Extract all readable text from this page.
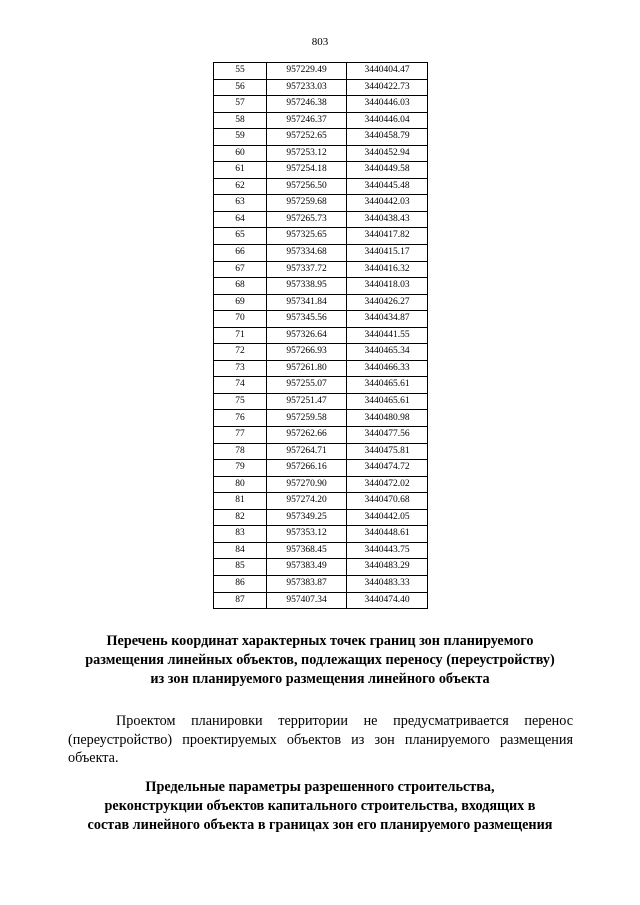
803
55	957229.49	3440404.47
56	957233.03	3440422.73
57	957246.38	3440446.03
58	957246.37	3440446.04
59	957252.65	3440458.79
60	957253.12	3440452.94
61	957254.18	3440449.58
62	957256.50	3440445.48
63	957259.68	3440442.03
64	957265.73	3440438.43
65	957325.65	3440417.82
66	957334.68	3440415.17
67	957337.72	3440416.32
68	957338.95	3440418.03
69	957341.84	3440426.27
70	957345.56	3440434.87
71	957326.64	3440441.55
72	957266.93	3440465.34
73	957261.80	3440466.33
74	957255.07	3440465.61
75	957251.47	3440465.61
76	957259.58	3440480.98
77	957262.66	3440477.56
78	957264.71	3440475.81
79	957266.16	3440474.72
80	957270.90	3440472.02
81	957274.20	3440470.68
82	957349.25	3440442.05
83	957353.12	3440448.61
84	957368.45	3440443.75
85	957383.49	3440483.29
86	957383.87	3440483.33
87	957407.34	3440474.40
Перечень координат характерных точек границ зон планируемого
размещения линейных объектов, подлежащих переносу (переустройству)
из зон планируемого размещения линейного объекта
Проектом планировки территории не предусматривается перенос (переустройство) проектируемых объектов из зон планируемого размещения объекта.
Предельные параметры разрешенного строительства,
реконструкции объектов капитального строительства, входящих в
состав линейного объекта в границах зон его планируемого размещения
